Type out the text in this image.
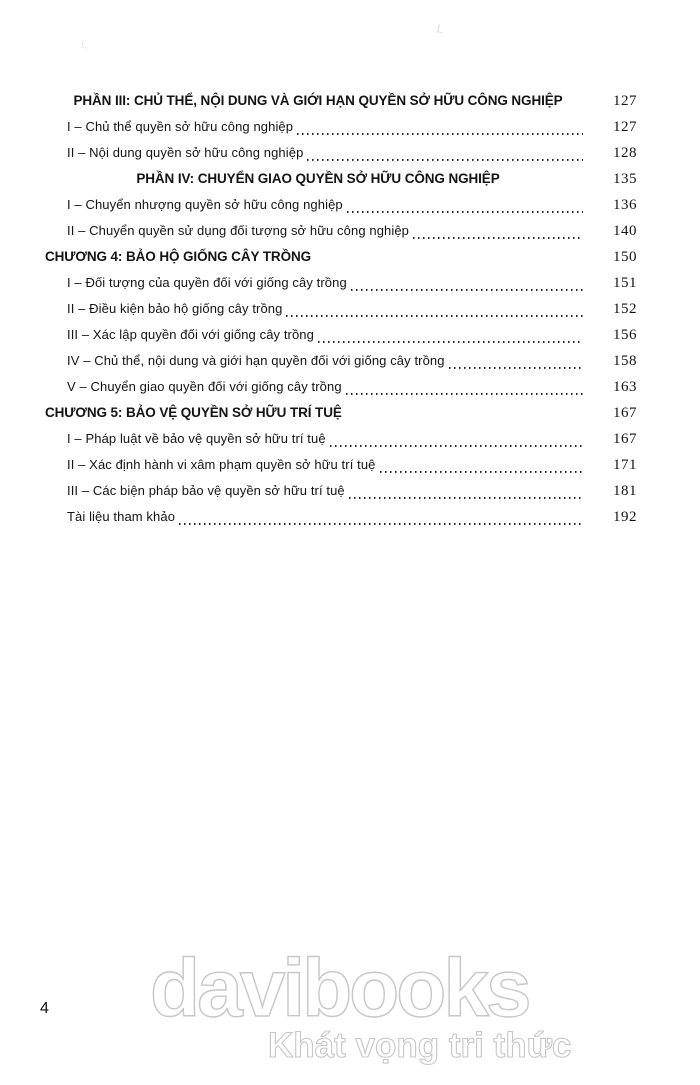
PHẦN III: CHỦ THỂ, NỘI DUNG VÀ GIỚI HẠN QUYỀN SỞ HỮU CÔNG NGHIỆP	127
I – Chủ thể quyền sở hữu công nghiệp	127
II – Nội dung quyền sở hữu công nghiệp	128
PHẦN IV: CHUYỂN GIAO QUYỀN SỞ HỮU CÔNG NGHIỆP	135
I – Chuyển nhượng quyền sở hữu công nghiệp	136
II – Chuyển quyền sử dụng đối tượng sở hữu công nghiệp	140
CHƯƠNG 4: BẢO HỘ GIỐNG CÂY TRỒNG	150
I – Đối tượng của quyền đối với giống cây trồng	151
II – Điều kiện bảo hộ giống cây trồng	152
III – Xác lập quyền đối với giống cây trồng	156
IV – Chủ thể, nội dung và giới hạn quyền đối với giống cây trồng	158
V – Chuyển giao quyền đối với giống cây trồng	163
CHƯƠNG 5: BẢO VỆ QUYỀN SỞ HỮU TRÍ TUỆ	167
I – Pháp luật về bảo vệ quyền sở hữu trí tuệ	167
II – Xác định hành vi xâm phạm quyền sở hữu trí tuệ	171
III – Các biện pháp bảo vệ quyền sở hữu trí tuệ	181
Tài liệu tham khảo	192
davibooks
Khát vọng tri thức
4
